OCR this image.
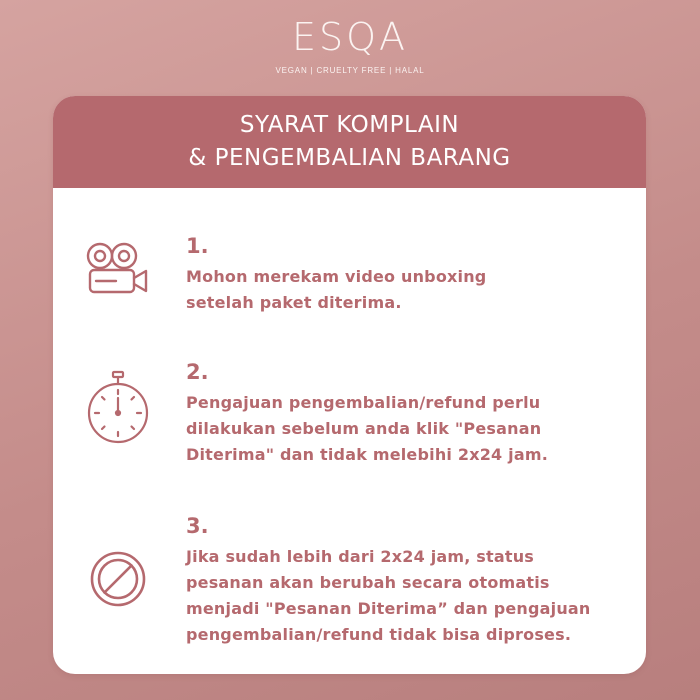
ESQA
VEGAN | CRUELTY FREE | HALAL
SYARAT KOMPLAIN
& PENGEMBALIAN BARANG
1.
Mohon merekam video unboxing
setelah paket diterima.
2.
Pengajuan pengembalian/refund perlu
dilakukan sebelum anda klik "Pesanan
Diterima" dan tidak melebihi 2x24 jam.
3.
Jika sudah lebih dari 2x24 jam, status
pesanan akan berubah secara otomatis
menjadi "Pesanan Diterima” dan pengajuan
pengembalian/refund tidak bisa diproses.
